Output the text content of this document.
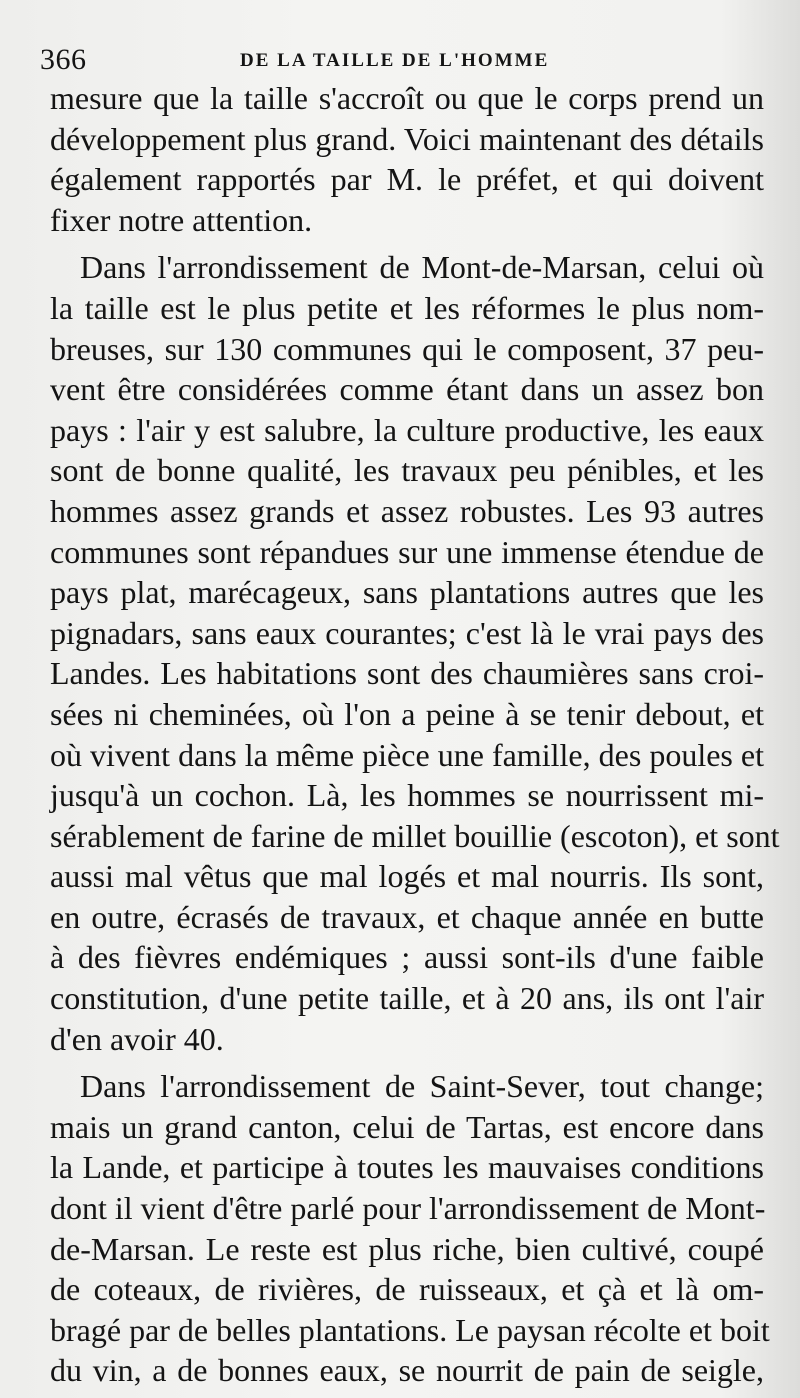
366	DE LA TAILLE DE L'HOMME
mesure que la taille s'accroît ou que le corps prend un
développement plus grand. Voici maintenant des détails
également rapportés par M. le préfet, et qui doivent
fixer notre attention.
Dans l'arrondissement de Mont-de-Marsan, celui où
la taille est le plus petite et les réformes le plus nom-
breuses, sur 130 communes qui le composent, 37 peu-
vent être considérées comme étant dans un assez bon
pays : l'air y est salubre, la culture productive, les eaux
sont de bonne qualité, les travaux peu pénibles, et les
hommes assez grands et assez robustes. Les 93 autres
communes sont répandues sur une immense étendue de
pays plat, marécageux, sans plantations autres que les
pignadars, sans eaux courantes; c'est là le vrai pays des
Landes. Les habitations sont des chaumières sans croi-
sées ni cheminées, où l'on a peine à se tenir debout, et
où vivent dans la même pièce une famille, des poules et
jusqu'à un cochon. Là, les hommes se nourrissent mi-
sérablement de farine de millet bouillie (escoton), et sont
aussi mal vêtus que mal logés et mal nourris. Ils sont,
en outre, écrasés de travaux, et chaque année en butte
à des fièvres endémiques ; aussi sont-ils d'une faible
constitution, d'une petite taille, et à 20 ans, ils ont l'air
d'en avoir 40.
Dans l'arrondissement de Saint-Sever, tout change;
mais un grand canton, celui de Tartas, est encore dans
la Lande, et participe à toutes les mauvaises conditions
dont il vient d'être parlé pour l'arrondissement de Mont-
de-Marsan. Le reste est plus riche, bien cultivé, coupé
de coteaux, de rivières, de ruisseaux, et çà et là om-
bragé par de belles plantations. Le paysan récolte et boit
du vin, a de bonnes eaux, se nourrit de pain de seigle,
